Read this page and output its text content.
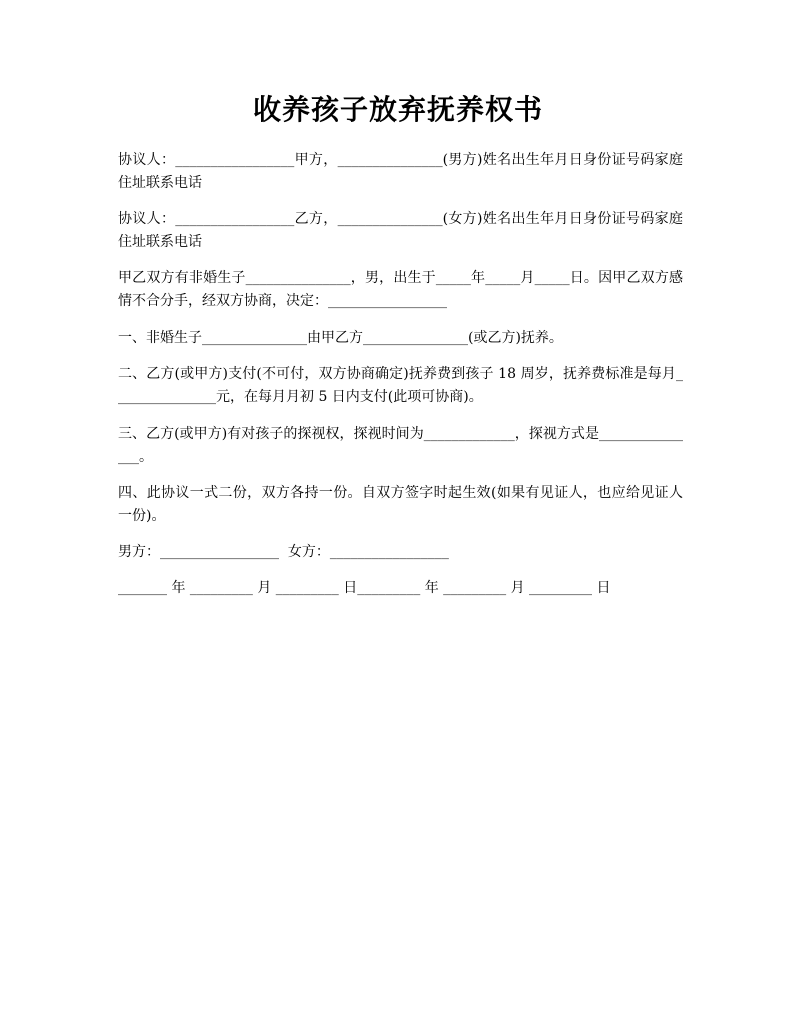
收养孩子放弃抚养权书
协议人：_________________甲方，_______________(男方)姓名出生年月日身份证号码家庭住址联系电话
协议人：_________________乙方，_______________(女方)姓名出生年月日身份证号码家庭住址联系电话
甲乙双方有非婚生子_______________，男，出生于_____年_____月_____日。因甲乙双方感情不合分手，经双方协商，决定：_________________
一、非婚生子_______________由甲乙方_______________(或乙方)抚养。
二、乙方(或甲方)支付(不可付，双方协商确定)抚养费到孩子 18 周岁，抚养费标准是每月_______________元，在每月月初 5 日内支付(此项可协商)。
三、乙方(或甲方)有对孩子的探视权，探视时间为_____________，探视方式是_______________。
四、此协议一式二份，双方各持一份。自双方签字时起生效(如果有见证人，也应给见证人一份)。
男方：_________________  女方：_________________
_______ 年 _________ 月 _________ 日_________ 年 _________ 月 _________ 日
